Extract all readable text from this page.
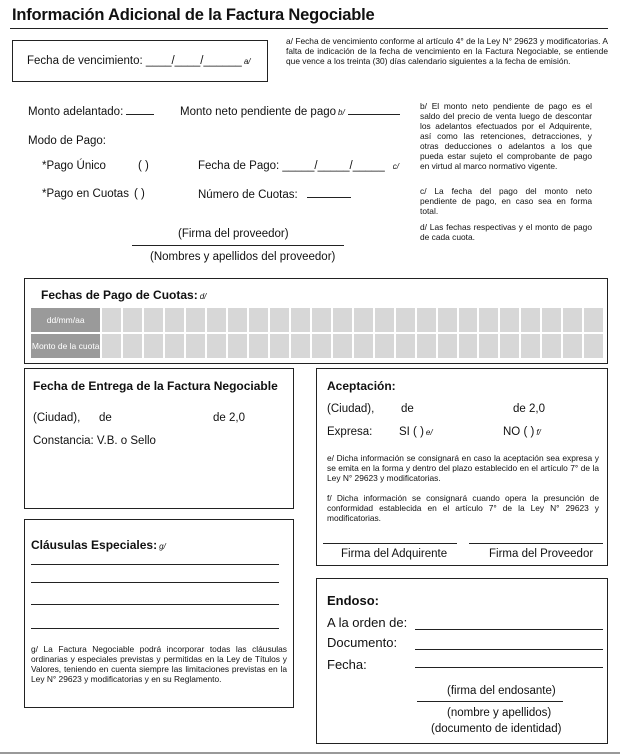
Información Adicional de la Factura Negociable
Fecha de vencimiento: ____/____/______ a/
a/ Fecha de vencimiento conforme al artículo 4° de la Ley N° 29623 y modificatorias. A falta de indicación de la fecha de vencimiento en la Factura Negociable, se entiende que vence a los treinta (30) días calendario siguientes a la fecha de emisión.
Monto adelantado:	Monto neto pendiente de pago b/
Modo de Pago:
*Pago Único	( )	Fecha de Pago: _____/_____/_____ c/
*Pago en Cuotas ( )	Número de Cuotas:
(Firma del proveedor)
(Nombres y apellidos del proveedor)
b/ El monto neto pendiente de pago es el saldo del precio de venta luego de descontar los adelantos efectuados por el Adquirente, así como las retenciones, detracciones, y otras deducciones o adelantos a los que pueda estar sujeto el comprobante de pago en virtud al marco normativo vigente.
c/ La fecha del pago del monto neto pendiente de pago, en caso sea en forma total.
d/ Las fechas respectivas y el monto de pago de cada cuota.
Fechas de Pago de Cuotas: d/
dd/mm/aa
Monto de la cuota
Fecha de Entrega de la Factura Negociable
(Ciudad), de	de 2,0
Constancia: V.B. o Sello
Aceptación:
(Ciudad), de	de 2,0
Expresa: SI ( ) e/	NO ( ) f/
e/ Dicha información se consignará en caso la aceptación sea expresa y se emita en la forma y dentro del plazo establecido en el artículo 7° de la Ley N° 29623 y modificatorias.
f/ Dicha información se consignará cuando opera la presunción de conformidad establecida en el artículo 7° de la Ley N° 29623 y modificatorias.
Firma del Adquirente	Firma del Proveedor
Cláusulas Especiales: g/
g/ La Factura Negociable podrá incorporar todas las cláusulas ordinarias y especiales previstas y permitidas en la Ley de Títulos y Valores, teniendo en cuenta siempre las limitaciones previstas en la Ley N° 29623 y modificatorias y en su Reglamento.
Endoso:
A la orden de:
Documento:
Fecha:
(firma del endosante)
(nombre y apellidos)
(documento de identidad)
